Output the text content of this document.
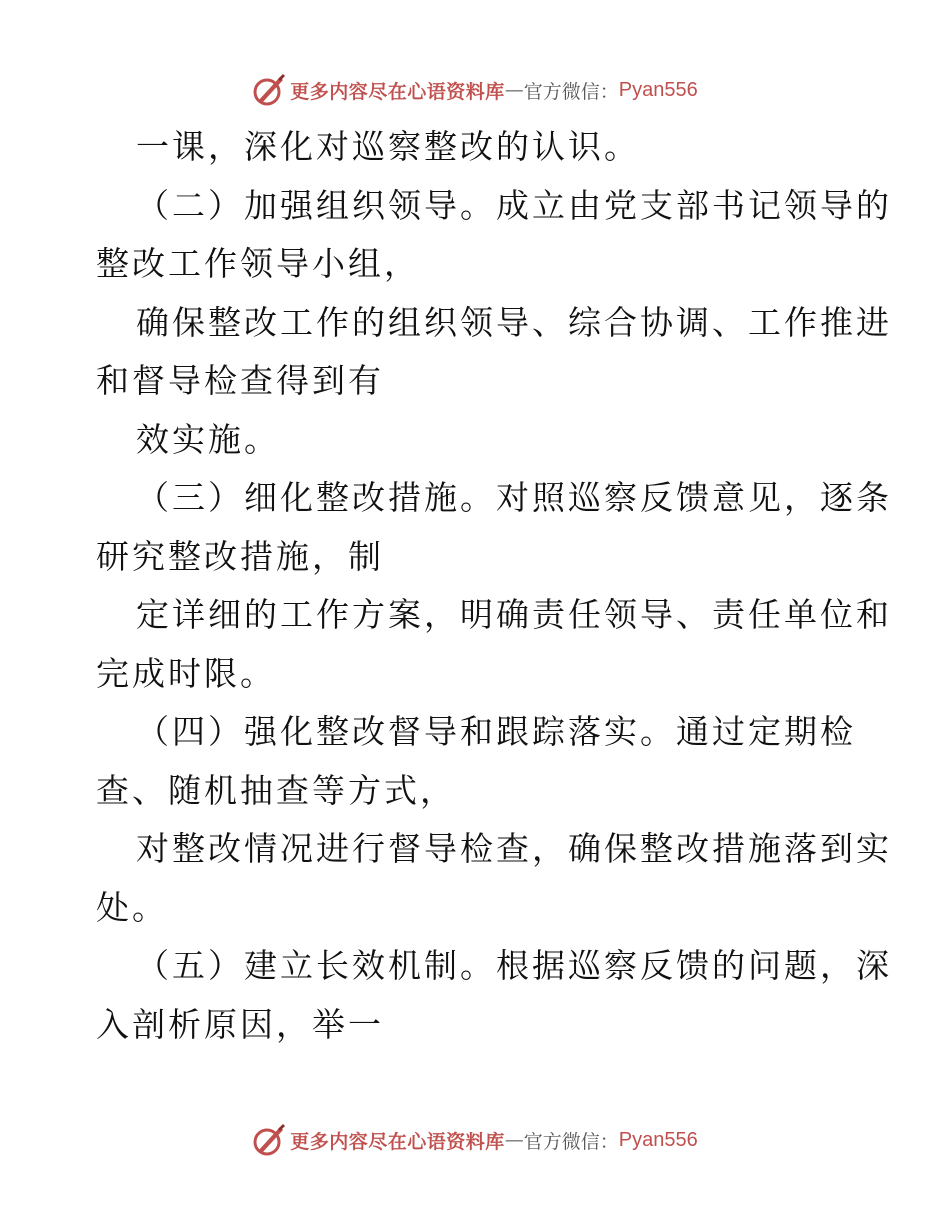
更多内容尽在心语资料库 — 官方微信： Pyan556
一课，深化对巡察整改的认识。
（二）加强组织领导。成立由党支部书记领导的
整改工作领导小组，
确保整改工作的组织领导、综合协调、工作推进
和督导检查得到有
效实施。
（三）细化整改措施。对照巡察反馈意见，逐条
研究整改措施，制
定详细的工作方案，明确责任领导、责任单位和
完成时限。
（四）强化整改督导和跟踪落实。通过定期检
查、随机抽查等方式，
对整改情况进行督导检查，确保整改措施落到实
处。
（五）建立长效机制。根据巡察反馈的问题，深
入剖析原因，举一
更多内容尽在心语资料库 — 官方微信： Pyan556
